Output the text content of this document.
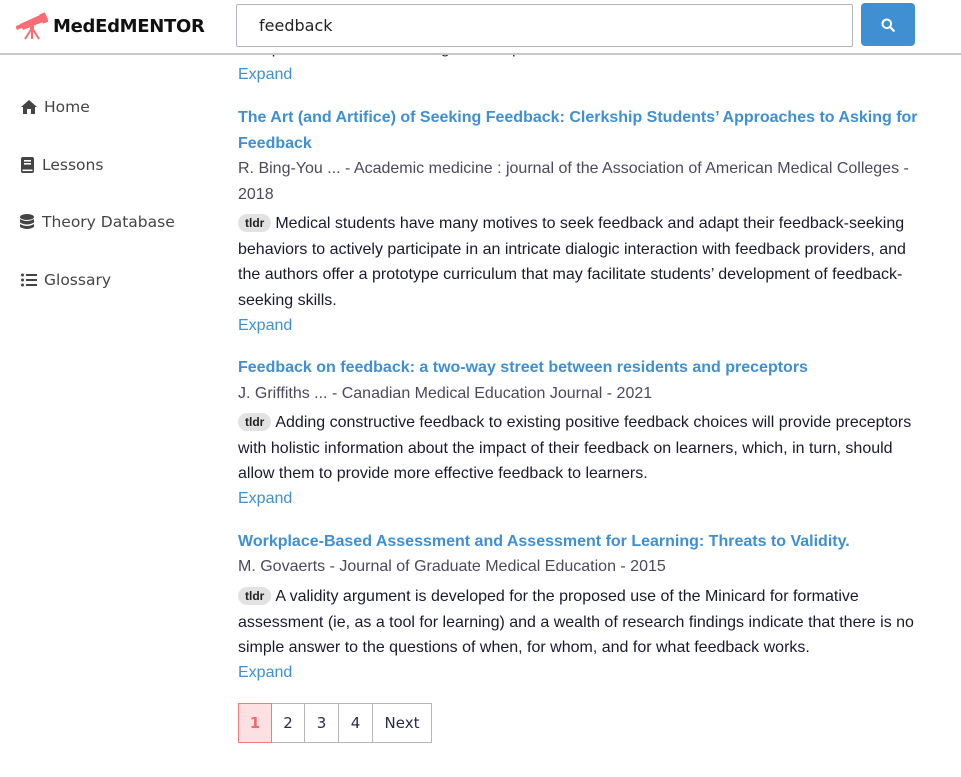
MedEdMENTOR
feedback
Home
Lessons
Theory Database
Glossary
Expand
The Art (and Artifice) of Seeking Feedback: Clerkship Students’ Approaches to Asking for Feedback
R. Bing-You ... - Academic medicine : journal of the Association of American Medical Colleges - 2018
tldr Medical students have many motives to seek feedback and adapt their feedback-seeking behaviors to actively participate in an intricate dialogic interaction with feedback providers, and the authors offer a prototype curriculum that may facilitate students’ development of feedback- seeking skills.
Expand
Feedback on feedback: a two-way street between residents and preceptors
J. Griffiths ... - Canadian Medical Education Journal - 2021
tldr Adding constructive feedback to existing positive feedback choices will provide preceptors with holistic information about the impact of their feedback on learners, which, in turn, should allow them to provide more effective feedback to learners.
Expand
Workplace-Based Assessment and Assessment for Learning: Threats to Validity.
M. Govaerts - Journal of Graduate Medical Education - 2015
tldr A validity argument is developed for the proposed use of the Minicard for formative assessment (ie, as a tool for learning) and a wealth of research findings indicate that there is no simple answer to the questions of when, for whom, and for what feedback works.
Expand
1	2	3	4	Next
